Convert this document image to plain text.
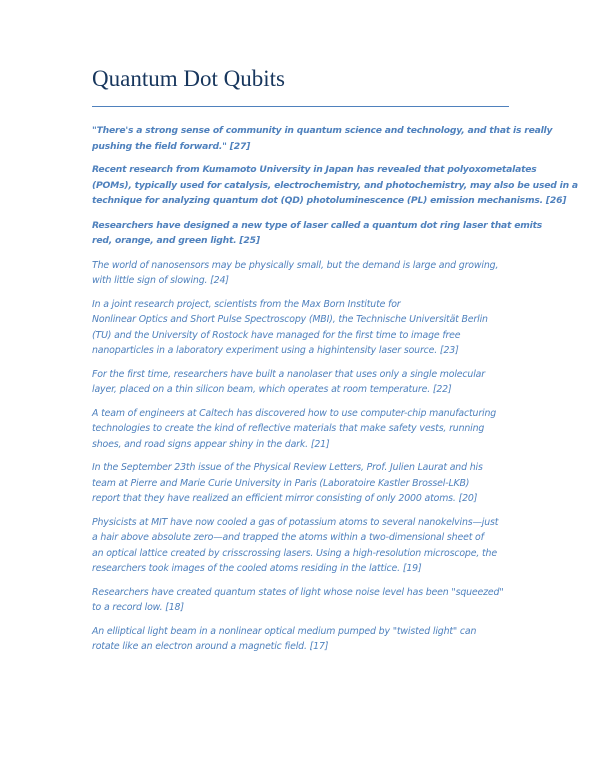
Quantum Dot Qubits

"There's a strong sense of community in quantum science and technology, and that is really
pushing the field forward." [27]

Recent research from Kumamoto University in Japan has revealed that polyoxometalates
(POMs), typically used for catalysis, electrochemistry, and photochemistry, may also be used in a
technique for analyzing quantum dot (QD) photoluminescence (PL) emission mechanisms. [26]

Researchers have designed a new type of laser called a quantum dot ring laser that emits
red, orange, and green light. [25]

The world of nanosensors may be physically small, but the demand is large and growing,
with little sign of slowing. [24]

In a joint research project, scientists from the Max Born Institute for
Nonlinear Optics and Short Pulse Spectroscopy (MBI), the Technische Universität Berlin
(TU) and the University of Rostock have managed for the first time to image free
nanoparticles in a laboratory experiment using a highintensity laser source. [23]

For the first time, researchers have built a nanolaser that uses only a single molecular
layer, placed on a thin silicon beam, which operates at room temperature. [22]

A team of engineers at Caltech has discovered how to use computer-chip manufacturing
technologies to create the kind of reflective materials that make safety vests, running
shoes, and road signs appear shiny in the dark. [21]

In the September 23th issue of the Physical Review Letters, Prof. Julien Laurat and his
team at Pierre and Marie Curie University in Paris (Laboratoire Kastler Brossel-LKB)
report that they have realized an efficient mirror consisting of only 2000 atoms. [20]

Physicists at MIT have now cooled a gas of potassium atoms to several nanokelvins—just
a hair above absolute zero—and trapped the atoms within a two-dimensional sheet of
an optical lattice created by crisscrossing lasers. Using a high-resolution microscope, the
researchers took images of the cooled atoms residing in the lattice. [19]

Researchers have created quantum states of light whose noise level has been "squeezed"
to a record low. [18]

An elliptical light beam in a nonlinear optical medium pumped by "twisted light" can
rotate like an electron around a magnetic field. [17]
